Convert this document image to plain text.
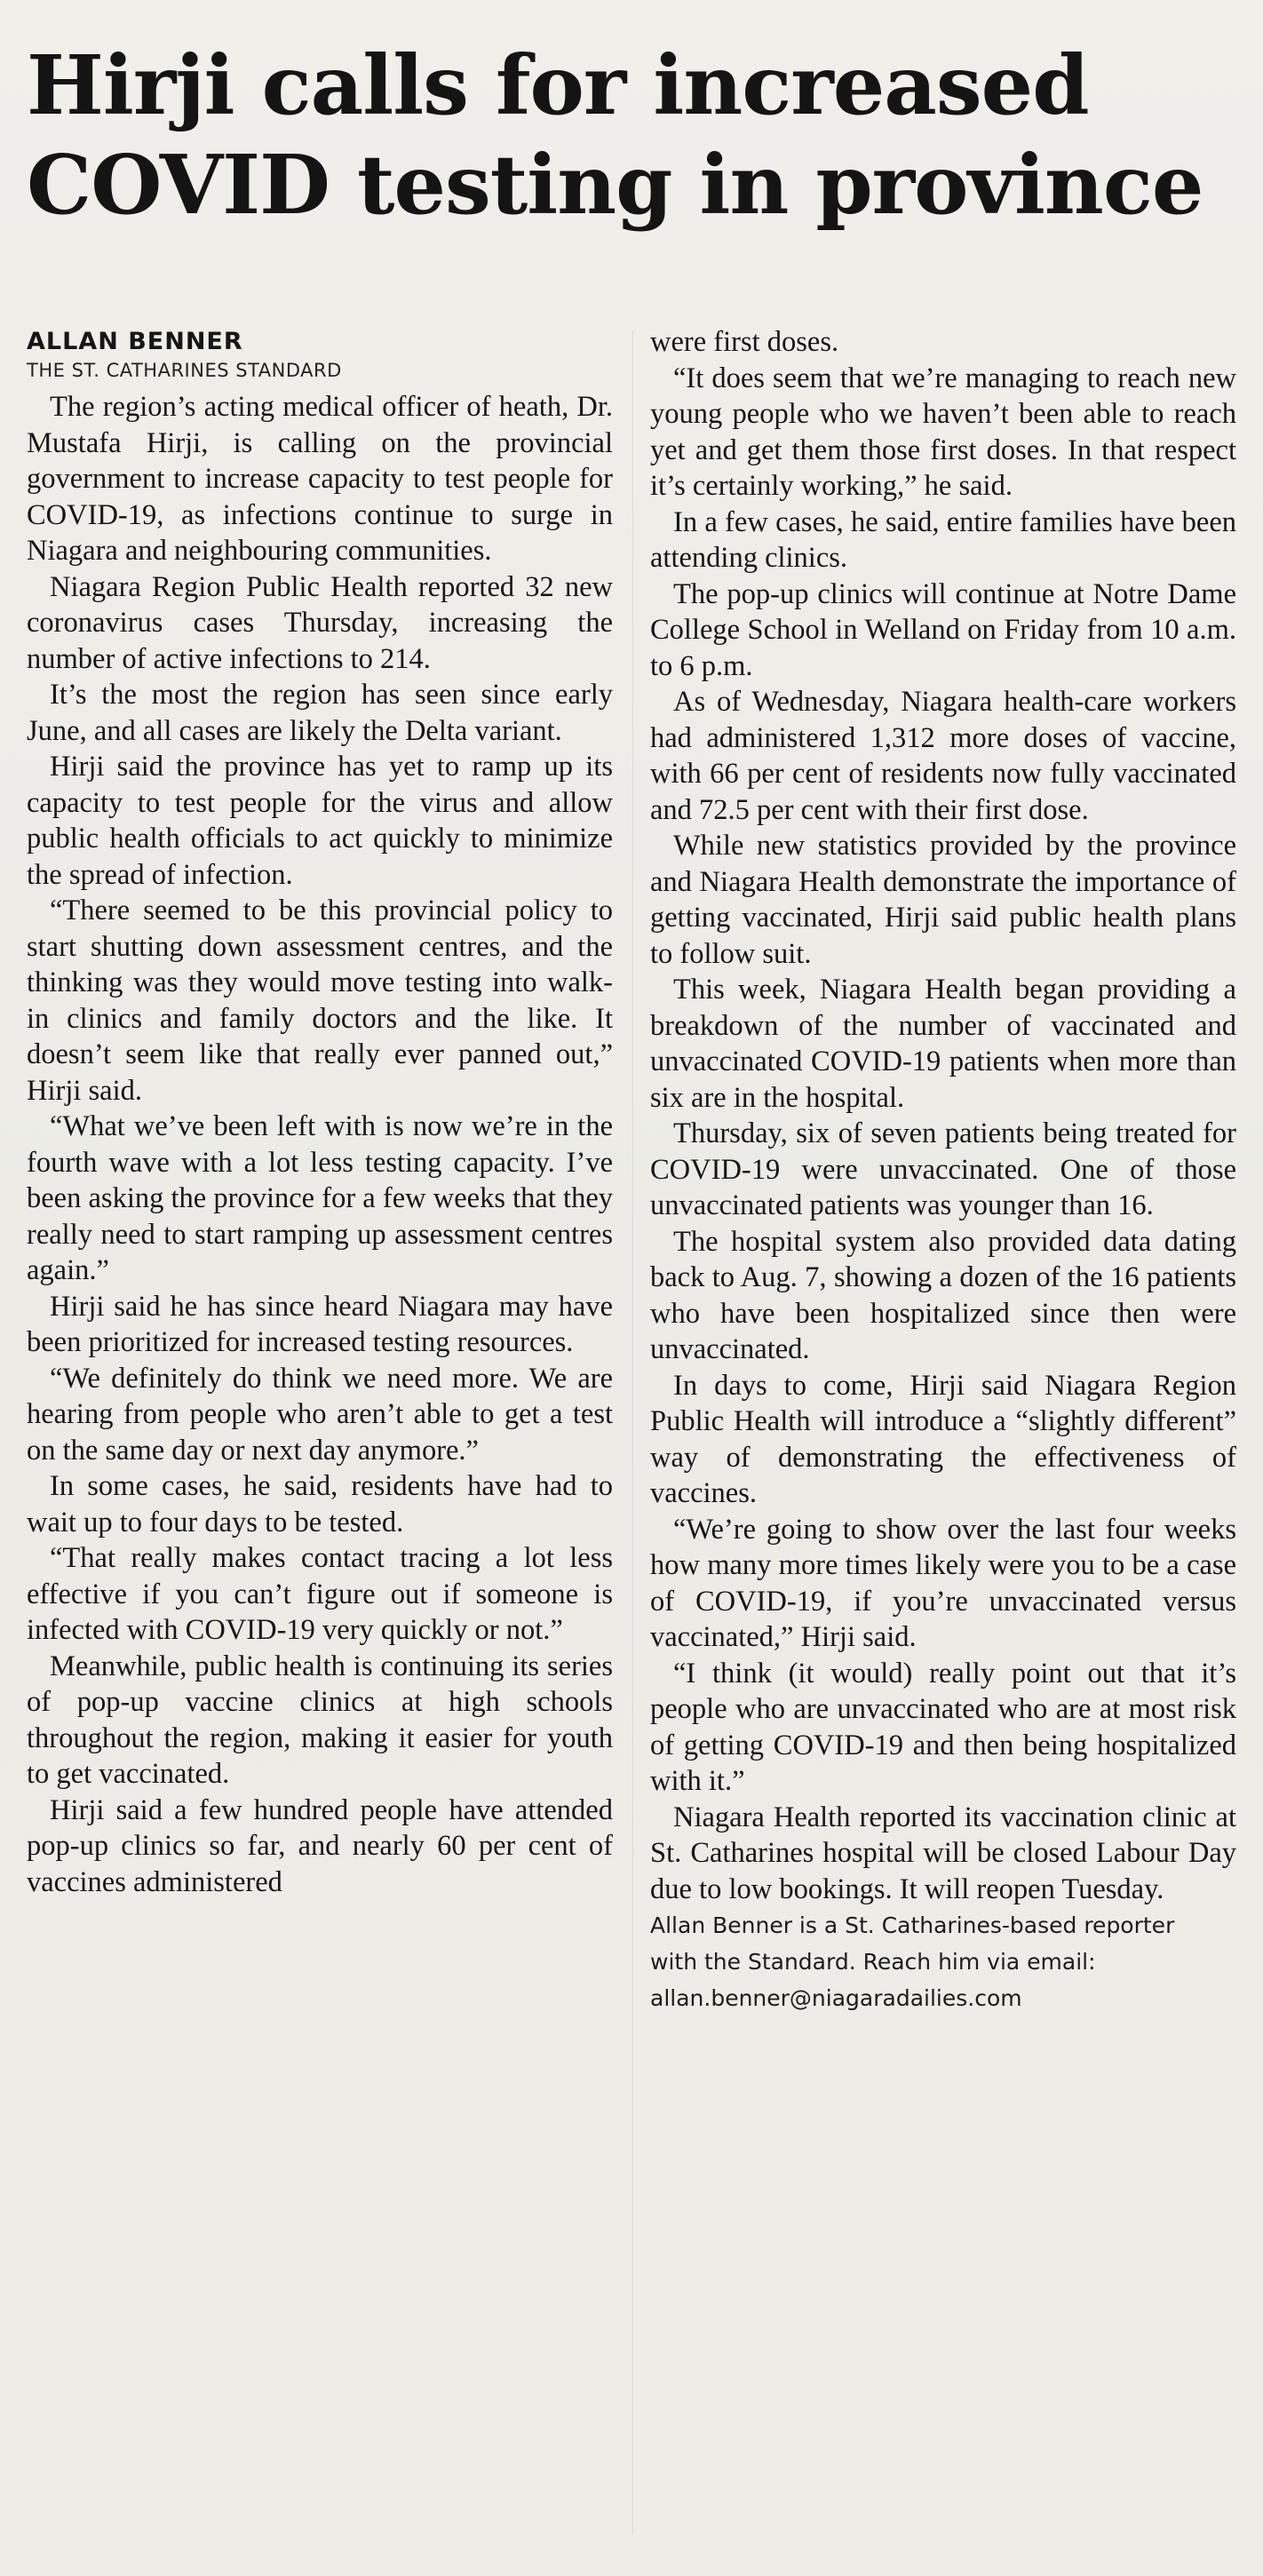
Hirji calls for increased
COVID testing in province
ALLAN BENNER
THE ST. CATHARINES STANDARD

The region’s acting medical officer of heath, Dr. Mustafa Hirji, is calling on the provincial government to increase capacity to test people for COVID-19, as infections continue to surge in Niagara and neighbouring communities.

Niagara Region Public Health reported 32 new coronavirus cases Thursday, increasing the number of active infections to 214.

It’s the most the region has seen since early June, and all cases are likely the Delta variant.

Hirji said the province has yet to ramp up its capacity to test people for the virus and allow public health officials to act quickly to minimize the spread of infection.

“There seemed to be this provincial policy to start shutting down assessment centres, and the thinking was they would move testing into walk-in clinics and family doctors and the like. It doesn’t seem like that really ever panned out,” Hirji said.

“What we’ve been left with is now we’re in the fourth wave with a lot less testing capacity. I’ve been asking the province for a few weeks that they really need to start ramping up assessment centres again.”

Hirji said he has since heard Niagara may have been prioritized for increased testing resources.

“We definitely do think we need more. We are hearing from people who aren’t able to get a test on the same day or next day anymore.”

In some cases, he said, residents have had to wait up to four days to be tested.

“That really makes contact tracing a lot less effective if you can’t figure out if someone is infected with COVID-19 very quickly or not.”

Meanwhile, public health is continuing its series of pop-up vaccine clinics at high schools throughout the region, making it easier for youth to get vaccinated.

Hirji said a few hundred people have attended pop-up clinics so far, and nearly 60 per cent of vaccines administered

were first doses.

“It does seem that we’re managing to reach new young people who we haven’t been able to reach yet and get them those first doses. In that respect it’s certainly working,” he said.

In a few cases, he said, entire families have been attending clinics.

The pop-up clinics will continue at Notre Dame College School in Welland on Friday from 10 a.m. to 6 p.m.

As of Wednesday, Niagara health-care workers had administered 1,312 more doses of vaccine, with 66 per cent of residents now fully vaccinated and 72.5 per cent with their first dose.

While new statistics provided by the province and Niagara Health demonstrate the importance of getting vaccinated, Hirji said public health plans to follow suit.

This week, Niagara Health began providing a breakdown of the number of vaccinated and unvaccinated COVID-19 patients when more than six are in the hospital.

Thursday, six of seven patients being treated for COVID-19 were unvaccinated. One of those unvaccinated patients was younger than 16.

The hospital system also provided data dating back to Aug. 7, showing a dozen of the 16 patients who have been hospitalized since then were unvaccinated.

In days to come, Hirji said Niagara Region Public Health will introduce a “slightly different” way of demonstrating the effectiveness of vaccines.

“We’re going to show over the last four weeks how many more times likely were you to be a case of COVID-19, if you’re unvaccinated versus vaccinated,” Hirji said.

“I think (it would) really point out that it’s people who are unvaccinated who are at most risk of getting COVID-19 and then being hospitalized with it.”

Niagara Health reported its vaccination clinic at St. Catharines hospital will be closed Labour Day due to low bookings. It will reopen Tuesday.

Allan Benner is a St. Catharines-based reporter
with the Standard. Reach him via email:
allan.benner@niagaradailies.com
